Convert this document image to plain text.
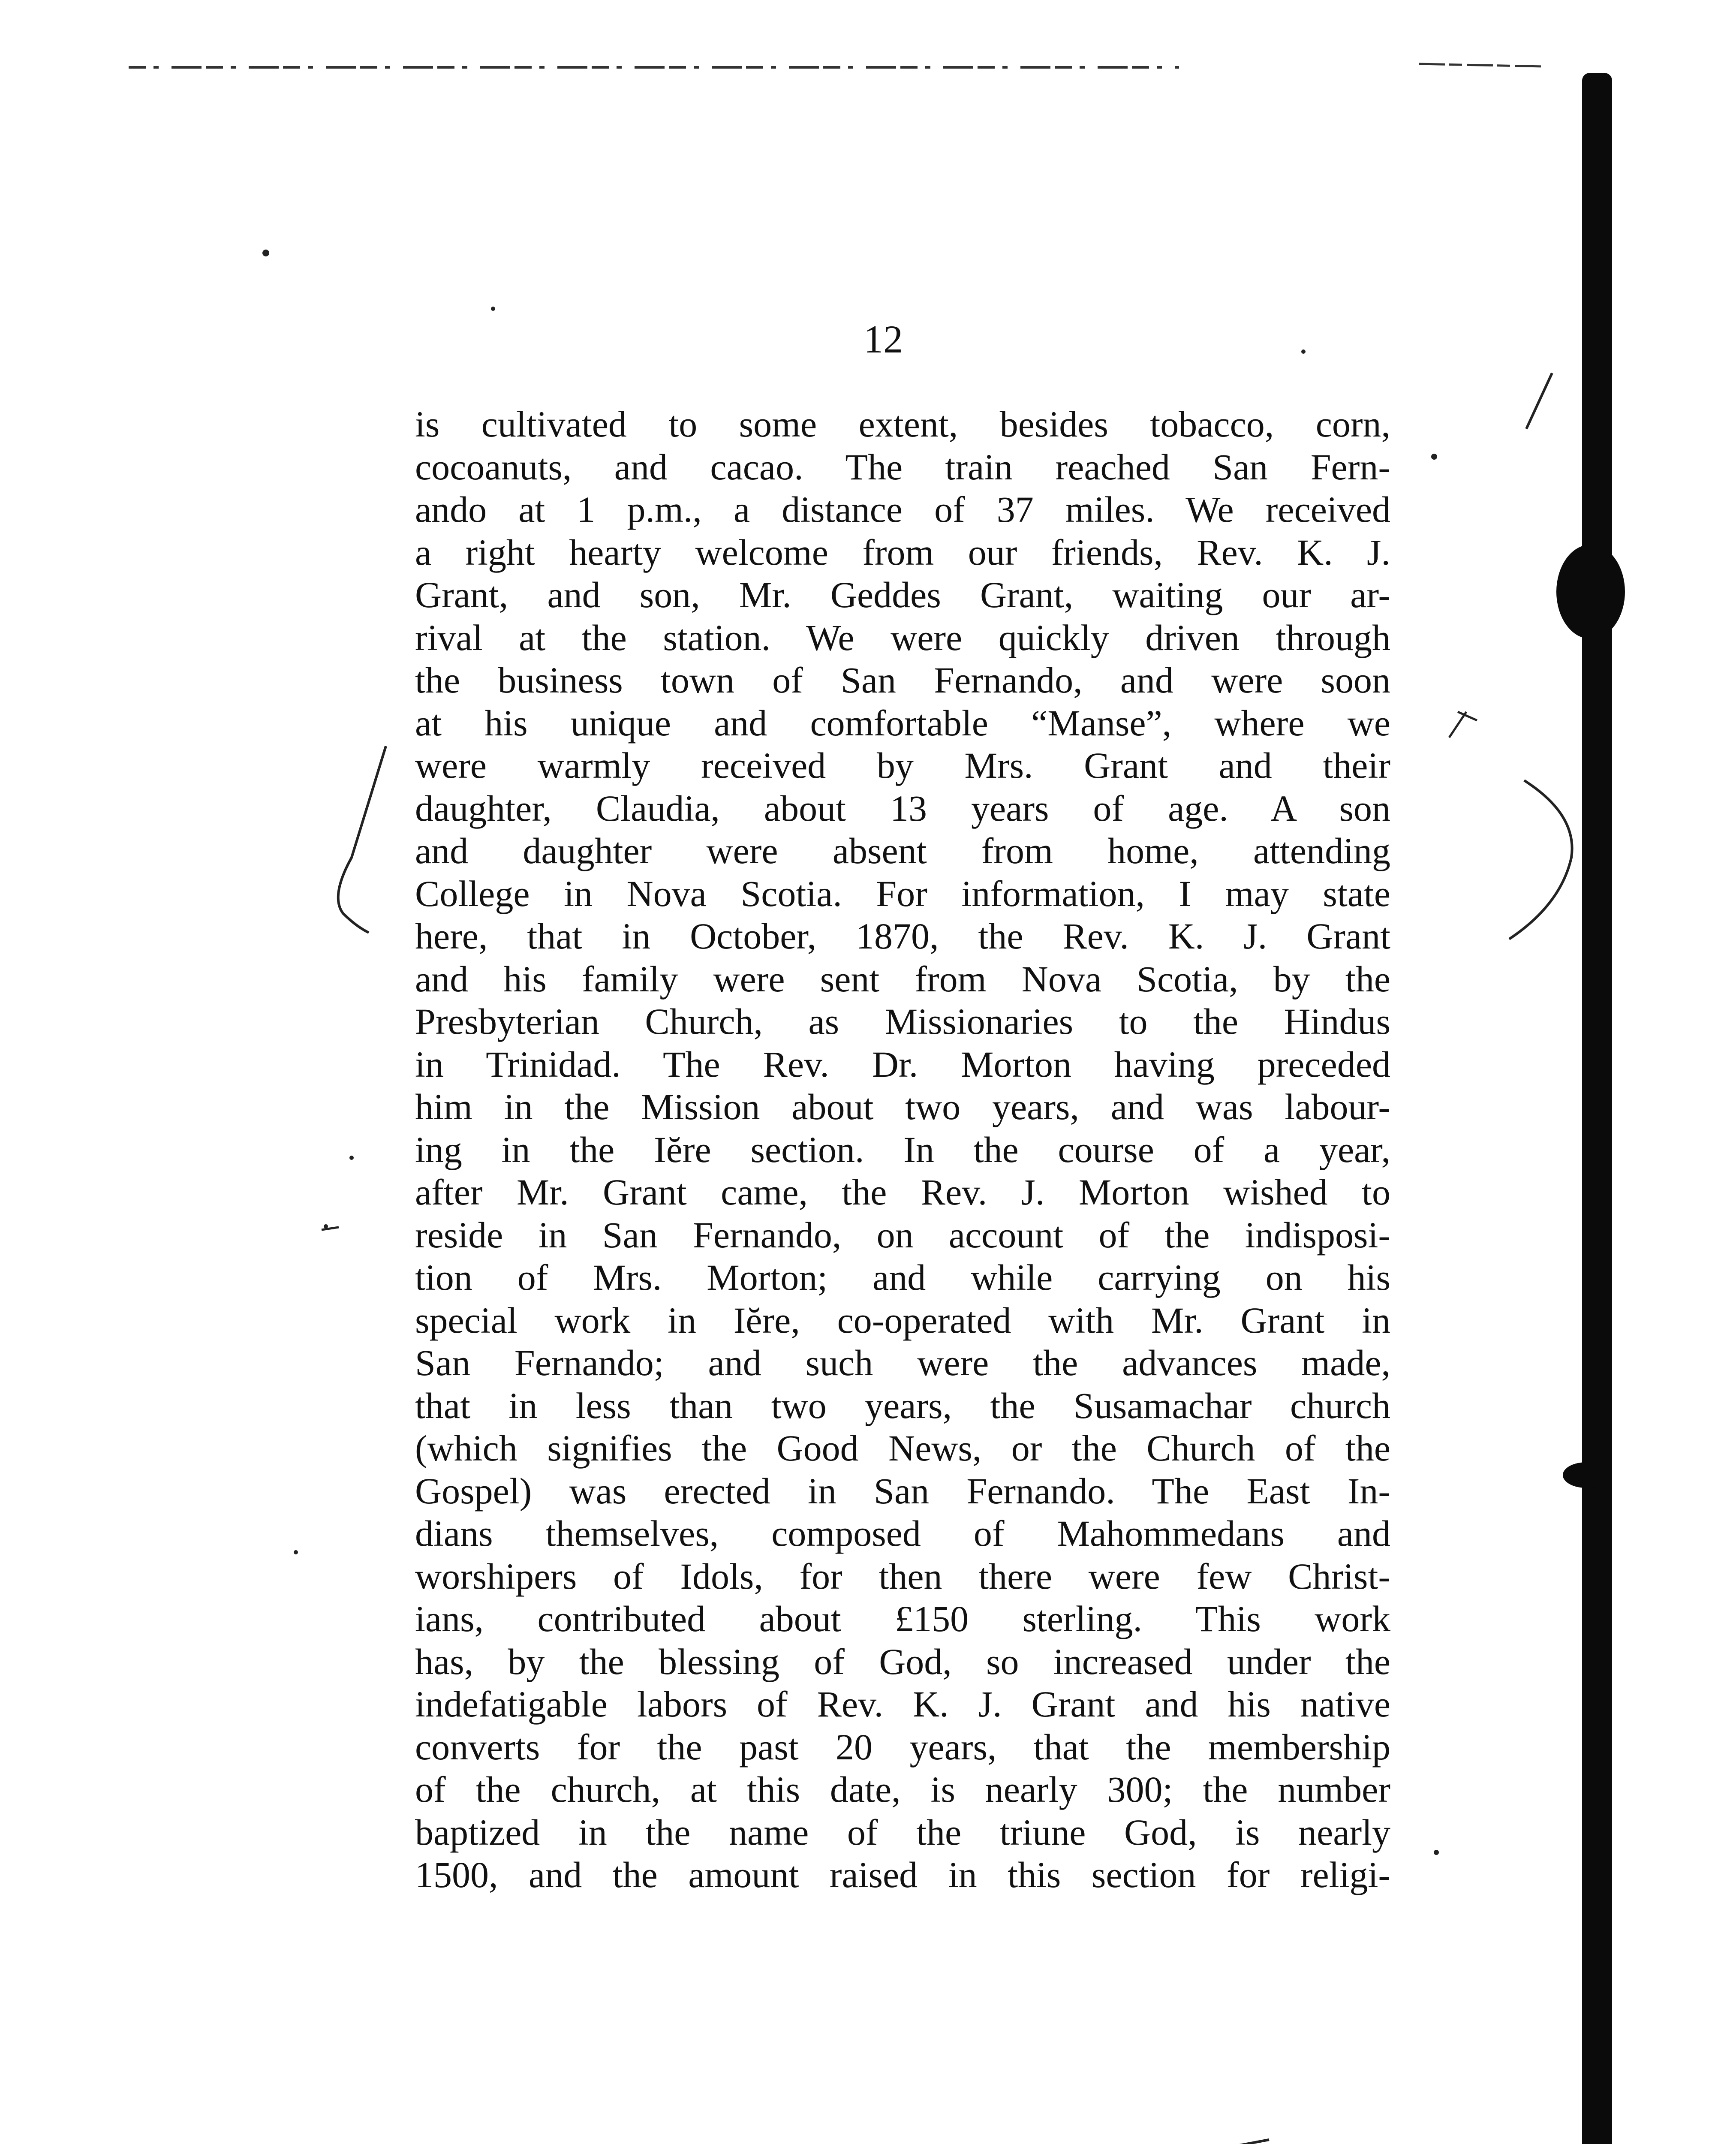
12
is cultivated to some extent, besides tobacco, corn,
cocoanuts, and cacao. The train reached San Fern-
ando at 1 p.m., a distance of 37 miles. We received
a right hearty welcome from our friends, Rev. K. J.
Grant, and son, Mr. Geddes Grant, waiting our ar-
rival at the station. We were quickly driven through
the business town of San Fernando, and were soon
at his unique and comfortable “Manse”, where we
were warmly received by Mrs. Grant and their
daughter, Claudia, about 13 years of age. A son
and daughter were absent from home, attending
College in Nova Scotia. For information, I may state
here, that in October, 1870, the Rev. K. J. Grant
and his family were sent from Nova Scotia, by the
Presbyterian Church, as Missionaries to the Hindus
in Trinidad. The Rev. Dr. Morton having preceded
him in the Mission about two years, and was labour-
ing in the Iĕre section. In the course of a year,
after Mr. Grant came, the Rev. J. Morton wished to
reside in San Fernando, on account of the indisposi-
tion of Mrs. Morton; and while carrying on his
special work in Iĕre, co-operated with Mr. Grant in
San Fernando; and such were the advances made,
that in less than two years, the Susamachar church
(which signifies the Good News, or the Church of the
Gospel) was erected in San Fernando. The East In-
dians themselves, composed of Mahommedans and
worshipers of Idols, for then there were few Christ-
ians, contributed about £150 sterling. This work
has, by the blessing of God, so increased under the
indefatigable labors of Rev. K. J. Grant and his native
converts for the past 20 years, that the membership
of the church, at this date, is nearly 300; the number
baptized in the name of the triune God, is nearly
1500, and the amount raised in this section for religi-
